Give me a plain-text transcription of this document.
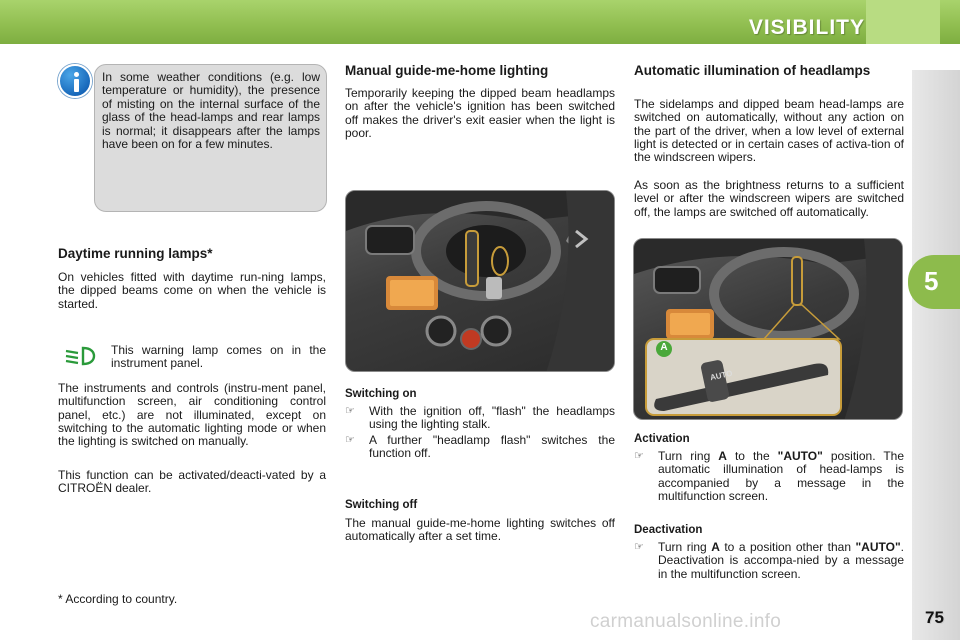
VISIBILITY
5
In some weather conditions (e.g. low temperature or humidity), the presence of misting on the internal surface of the glass of the head-lamps and rear lamps is normal; it disappears after the lamps have been on for a few minutes.
Daytime running lamps*
On vehicles fitted with daytime run-ning lamps, the dipped beams come on when the vehicle is started.
This warning lamp comes on in the instrument panel.
The instruments and controls (instru-ment panel, multifunction screen, air conditioning control panel, etc.) are not illuminated, except on switching to the automatic lighting mode or when the lighting is switched on manually.
This function can be activated/deacti-vated by a CITROËN dealer.
* According to country.
Manual guide-me-home lighting
Temporarily keeping the dipped beam headlamps on after the vehicle's ignition has been switched off makes the driver's exit easier when the light is poor.
Switching on
☞ With the ignition off, "flash" the headlamps using the lighting stalk.
☞ A further "headlamp flash" switches the function off.
Switching off
The manual guide-me-home lighting switches off automatically after a set time.
Automatic illumination of headlamps
The sidelamps and dipped beam head-lamps are switched on automatically, without any action on the part of the driver, when a low level of external light is detected or in certain cases of activa-tion of the windscreen wipers.
As soon as the brightness returns to a sufficient level or after the windscreen wipers are switched off, the lamps are switched off automatically.
A
AUTO
Activation
☞ Turn ring A to the "AUTO" position. The automatic illumination of head-lamps is accompanied by a message in the multifunction screen.
Deactivation
☞ Turn ring A to a position other than "AUTO". Deactivation is accompa-nied by a message in the multifunction screen.
75
carmanualsonline.info
